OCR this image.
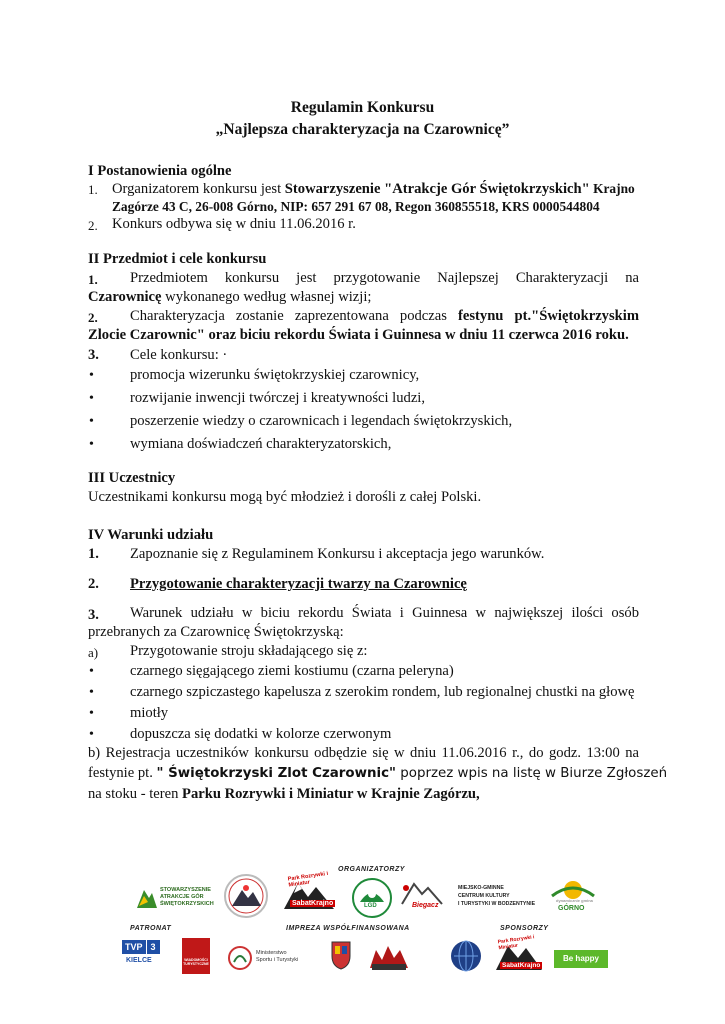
Regulamin Konkursu
„Najlepsza charakteryzacja na Czarownicę”
I Postanowienia ogólne
1. Organizatorem konkursu jest Stowarzyszenie "Atrakcje Gór Świętokrzyskich" Krajno
Zagórze 43 C, 26-008 Górno, NIP: 657 291 67 08, Regon 360855518, KRS 0000544804
2. Konkurs odbywa się w dniu 11.06.2016 r.
II Przedmiot i cele konkursu
1. Przedmiotem konkursu jest przygotowanie Najlepszej Charakteryzacji na
Czarownicę wykonanego według własnej wizji;
2. Charakteryzacja zostanie zaprezentowana podczas festynu pt."Świętokrzyskim
Zlocie Czarownic" oraz biciu rekordu Świata i Guinnesa w dniu 11 czerwca 2016 roku.
3. Cele konkursu: ·
• promocja wizerunku świętokrzyskiej czarownicy,
• rozwijanie inwencji twórczej i kreatywności ludzi,
• poszerzenie wiedzy o czarownicach i legendach świętokrzyskich,
• wymiana doświadczeń charakteryzatorskich,
III Uczestnicy
Uczestnikami konkursu mogą być młodzież i dorośli z całej Polski.
IV Warunki udziału
1. Zapoznanie się z Regulaminem Konkursu i akceptacja jego warunków.
2. Przygotowanie charakteryzacji twarzy na Czarownicę
3. Warunek udziału w biciu rekordu Świata i Guinnesa w największej ilości osób
przebranych za Czarownicę Świętokrzyską:
a) Przygotowanie stroju składającego się z:
• czarnego sięgającego ziemi kostiumu (czarna peleryna)
• czarnego szpiczastego kapelusza z szerokim rondem, lub regionalnej chustki na głowę
• miotły
• dopuszcza się dodatki w kolorze czerwonym
b) Rejestracja uczestników konkursu odbędzie się w dniu 11.06.2016 r., do godz. 13:00 na
festynie pt. " Świętokrzyski Zlot Czarownic" poprzez wpis na listę w Biurze Zgłoszeń
na stoku - teren Parku Rozrywki i Miniatur w Krajnie Zagórzu,
ORGANIZATORZY
PATRONAT	IMPREZA WSPÓŁFINANSOWANA	SPONSORZY
STOWARZYSZENIE
ATRAKCJE GÓR
ŚWIĘTOKRZYSKICH
Park Rozrywki i Miniatur
SabatKrajno	LGD	Biegacz
MIEJSKO-GMINNE
CENTRUM KULTURY
I TURYSTYKI W BODZENTYNIE
dynamicznie gmina
GÓRNO
TVP 3
KIELCE	WIADOMOŚCI TURYSTYCZNE
Ministerstwo
Sportu i Turystyki
Park Rozrywki i Miniatur
SabatKrajno
Be happy
